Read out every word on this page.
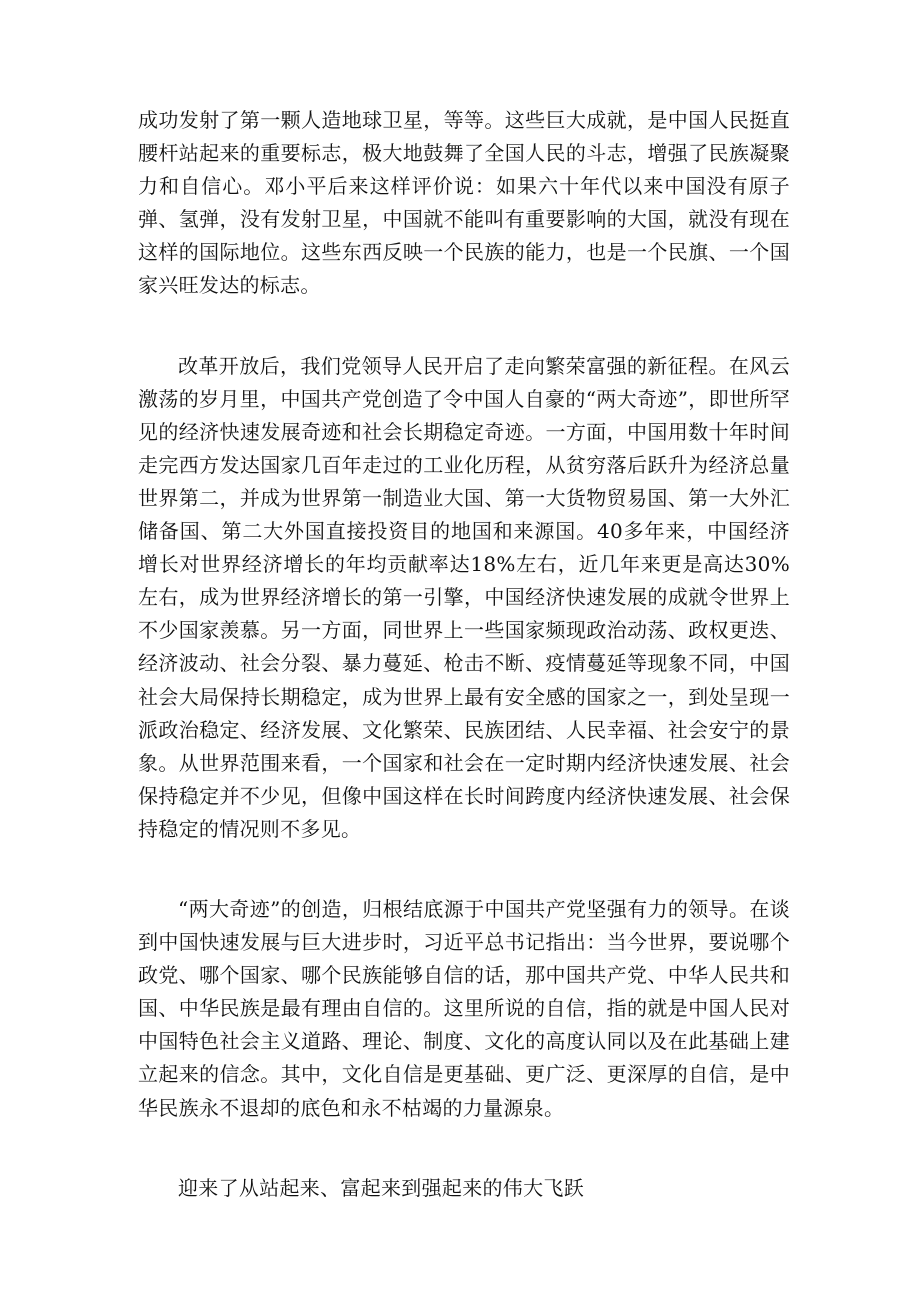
成功发射了第一颗人造地球卫星，等等。这些巨大成就，是中国人民挺直腰杆站起来的重要标志，极大地鼓舞了全国人民的斗志，增强了民族凝聚力和自信心。邓小平后来这样评价说：如果六十年代以来中国没有原子弹、氢弹，没有发射卫星，中国就不能叫有重要影响的大国，就没有现在这样的国际地位。这些东西反映一个民族的能力，也是一个民旗、一个国家兴旺发达的标志。

改革开放后，我们党领导人民开启了走向繁荣富强的新征程。在风云激荡的岁月里，中国共产党创造了令中国人自豪的“两大奇迹”，即世所罕见的经济快速发展奇迹和社会长期稳定奇迹。一方面，中国用数十年时间走完西方发达国家几百年走过的工业化历程，从贫穷落后跃升为经济总量世界第二，并成为世界第一制造业大国、第一大货物贸易国、第一大外汇储备国、第二大外国直接投资目的地国和来源国。40多年来，中国经济增长对世界经济增长的年均贡献率达18%左右，近几年来更是高达30%左右，成为世界经济增长的第一引擎，中国经济快速发展的成就令世界上不少国家羡慕。另一方面，同世界上一些国家频现政治动荡、政权更迭、经济波动、社会分裂、暴力蔓延、枪击不断、疫情蔓延等现象不同，中国社会大局保持长期稳定，成为世界上最有安全感的国家之一，到处呈现一派政治稳定、经济发展、文化繁荣、民族团结、人民幸福、社会安宁的景象。从世界范围来看，一个国家和社会在一定时期内经济快速发展、社会保持稳定并不少见，但像中国这样在长时间跨度内经济快速发展、社会保持稳定的情况则不多见。

“两大奇迹”的创造，归根结底源于中国共产党坚强有力的领导。在谈到中国快速发展与巨大进步时，习近平总书记指出：当今世界，要说哪个政党、哪个国家、哪个民族能够自信的话，那中国共产党、中华人民共和国、中华民族是最有理由自信的。这里所说的自信，指的就是中国人民对中国特色社会主义道路、理论、制度、文化的高度认同以及在此基础上建立起来的信念。其中，文化自信是更基础、更广泛、更深厚的自信，是中华民族永不退却的底色和永不枯竭的力量源泉。

迎来了从站起来、富起来到强起来的伟大飞跃
